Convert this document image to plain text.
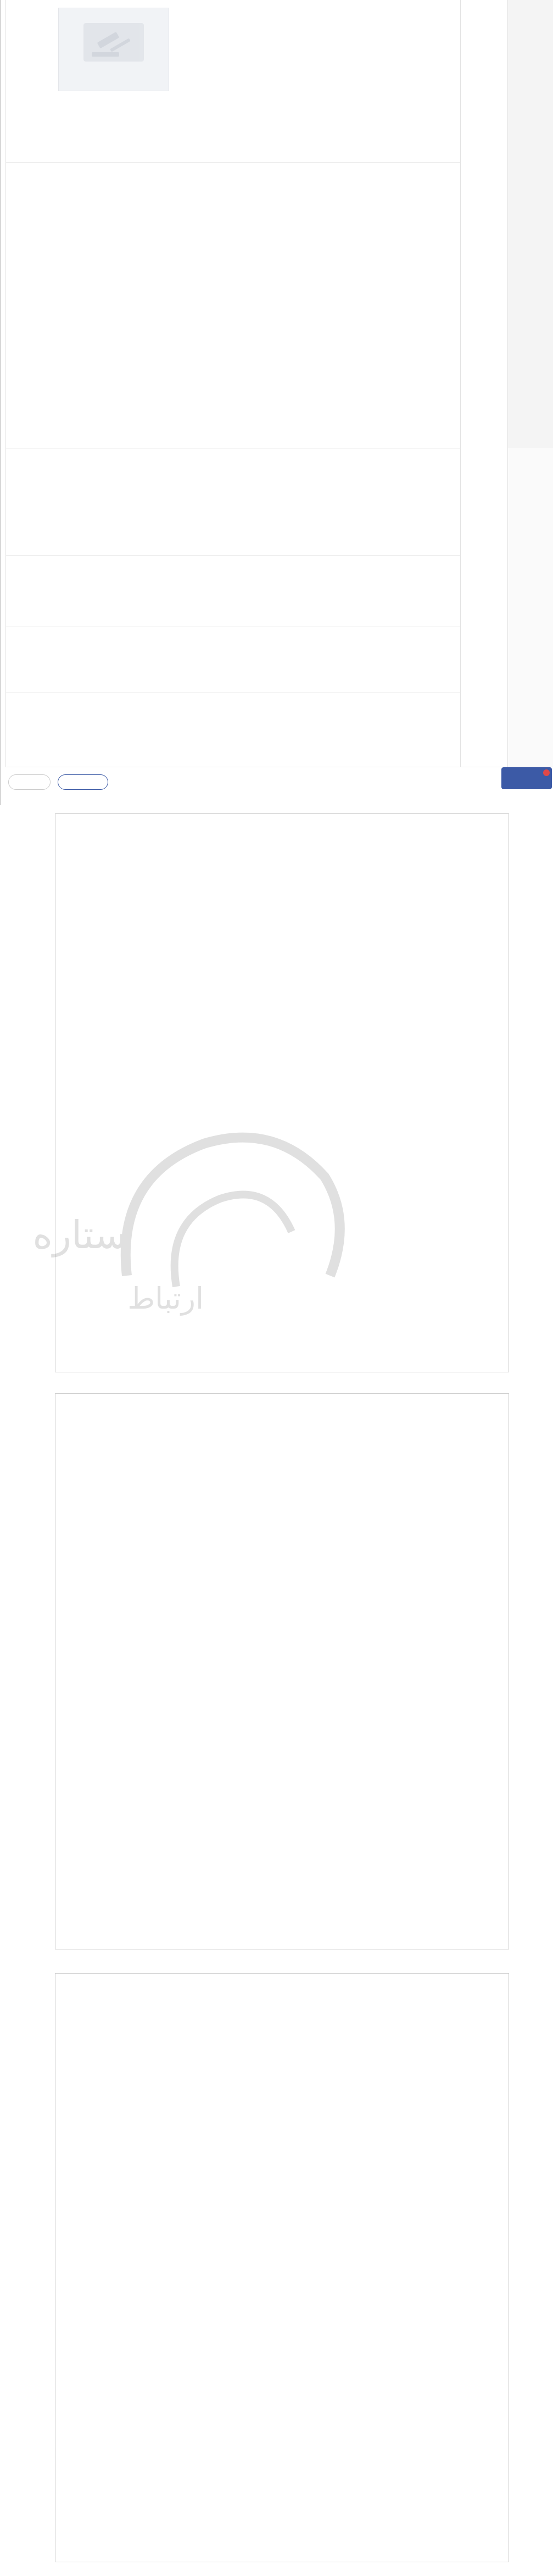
ستاره
ارتباط
